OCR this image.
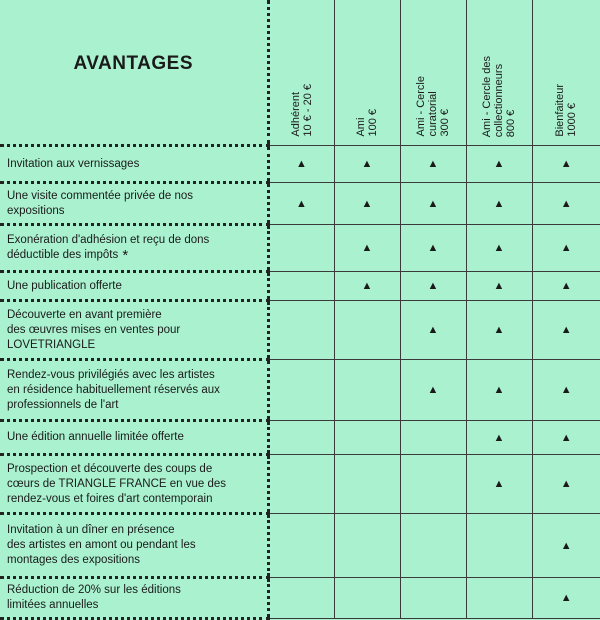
AVANTAGES	Adhérent 10 € - 20 €	Ami 100 €	Ami - Cercle curatorial 300 €	Ami - Cercle des collectionneurs 800 €	Bienfaiteur 1000 €

Invitation aux vernissages	▲	▲	▲	▲	▲
Une visite commentée privée de nos
expositions	▲	▲	▲	▲	▲
Exonération d'adhésion et reçu de dons
déductible des impôts *		▲	▲	▲	▲
Une publication offerte		▲	▲	▲	▲
Découverte en avant première
des œuvres mises en ventes pour
LOVETRIANGLE			▲	▲	▲
Rendez-vous privilégiés avec les artistes
en résidence habituellement réservés aux
professionnels de l'art			▲	▲	▲
Une édition annuelle limitée offerte				▲	▲
Prospection et découverte des coups de
cœurs de TRIANGLE FRANCE en vue des
rendez-vous et foires d'art contemporain				▲	▲
Invitation à un dîner en présence
des artistes en amont ou pendant les
montages des expositions					▲
Réduction de 20% sur les éditions
limitées annuelles					▲
